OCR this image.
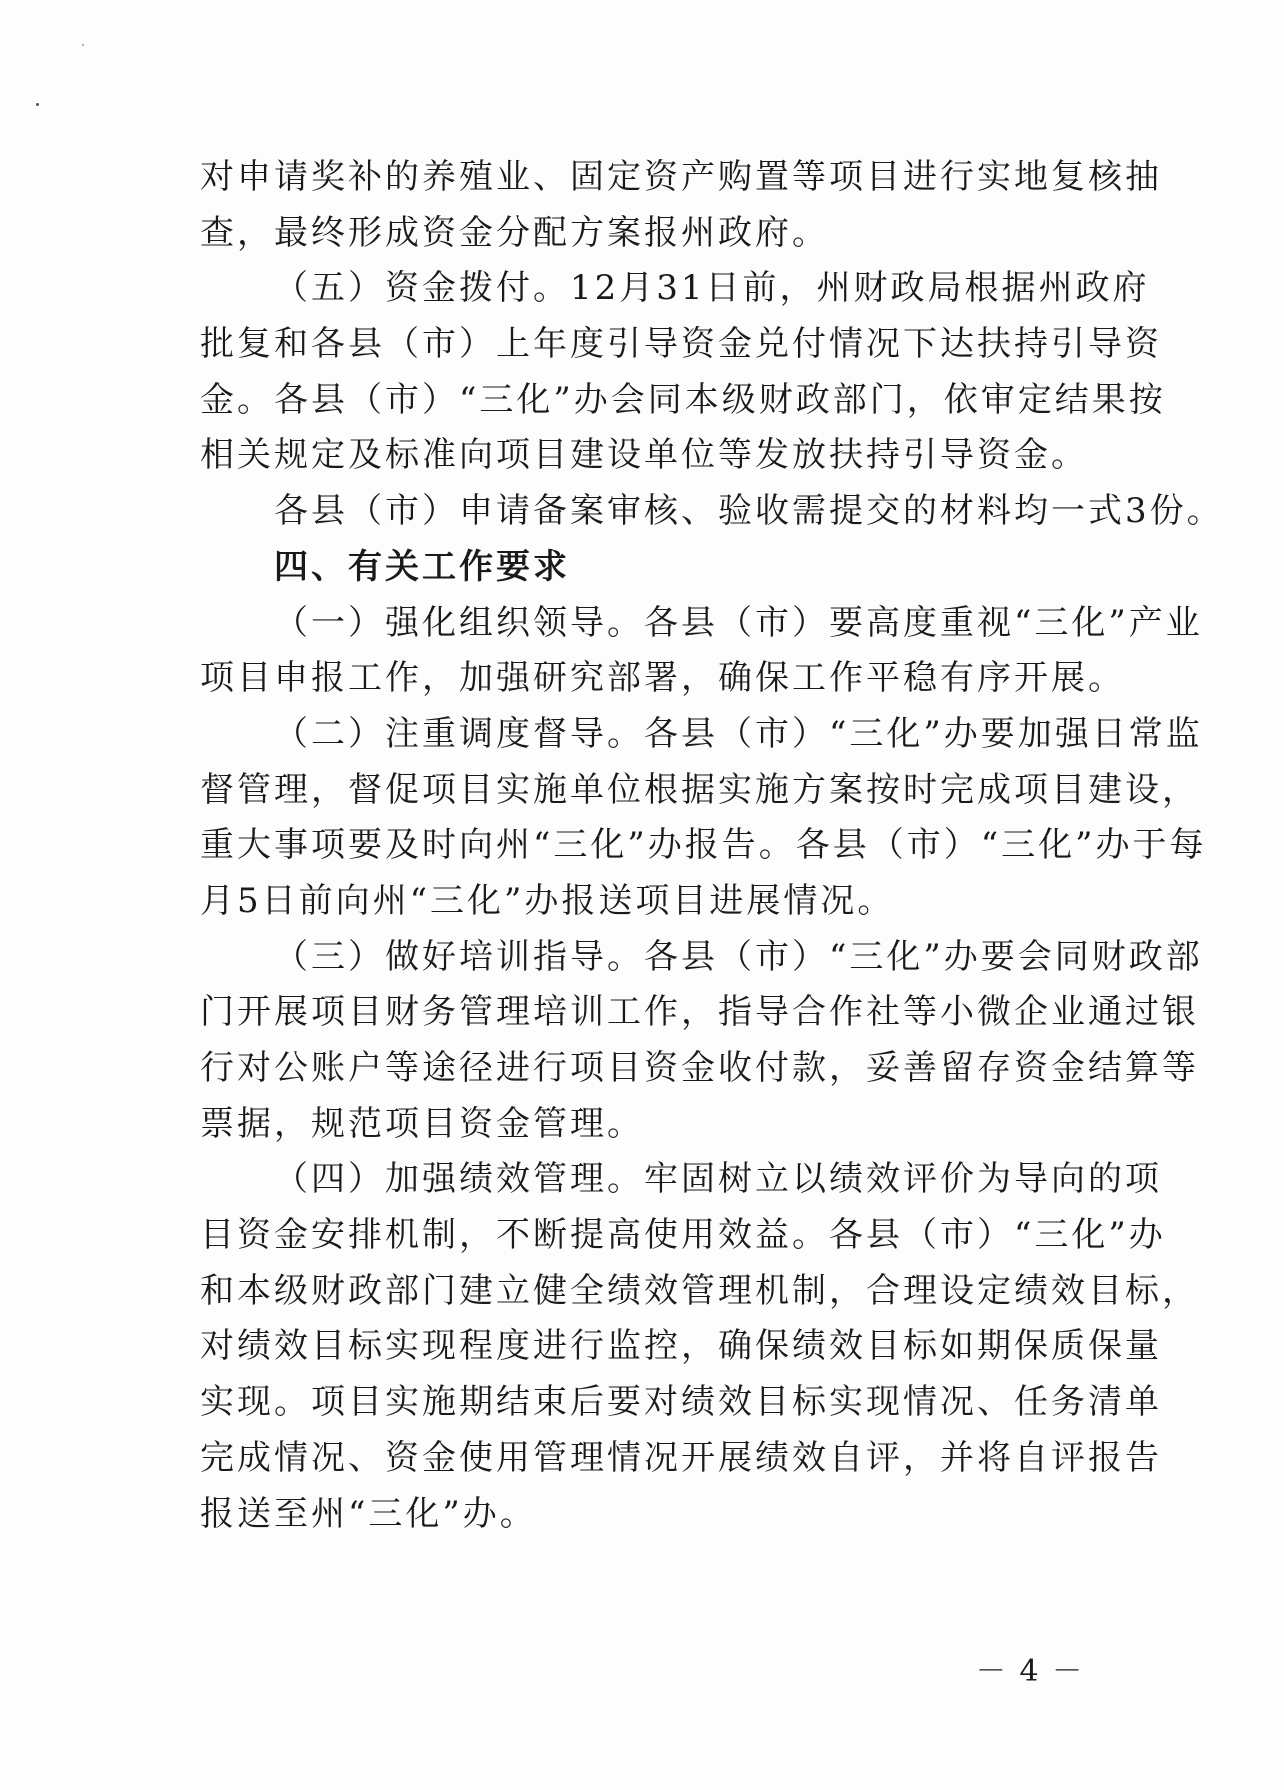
对申请奖补的养殖业、固定资产购置等项目进行实地复核抽
查，最终形成资金分配方案报州政府。
（五）资金拨付。12月31日前，州财政局根据州政府
批复和各县（市）上年度引导资金兑付情况下达扶持引导资
金。各县（市）“三化”办会同本级财政部门，依审定结果按
相关规定及标准向项目建设单位等发放扶持引导资金。
各县（市）申请备案审核、验收需提交的材料均一式3份。
四、有关工作要求
（一）强化组织领导。各县（市）要高度重视“三化”产业
项目申报工作，加强研究部署，确保工作平稳有序开展。
（二）注重调度督导。各县（市）“三化”办要加强日常监
督管理，督促项目实施单位根据实施方案按时完成项目建设，
重大事项要及时向州“三化”办报告。各县（市）“三化”办于每
月5日前向州“三化”办报送项目进展情况。
（三）做好培训指导。各县（市）“三化”办要会同财政部
门开展项目财务管理培训工作，指导合作社等小微企业通过银
行对公账户等途径进行项目资金收付款，妥善留存资金结算等
票据，规范项目资金管理。
（四）加强绩效管理。牢固树立以绩效评价为导向的项
目资金安排机制，不断提高使用效益。各县（市）“三化”办
和本级财政部门建立健全绩效管理机制，合理设定绩效目标，
对绩效目标实现程度进行监控，确保绩效目标如期保质保量
实现。项目实施期结束后要对绩效目标实现情况、任务清单
完成情况、资金使用管理情况开展绩效自评，并将自评报告
报送至州“三化”办。
－ 4 －
